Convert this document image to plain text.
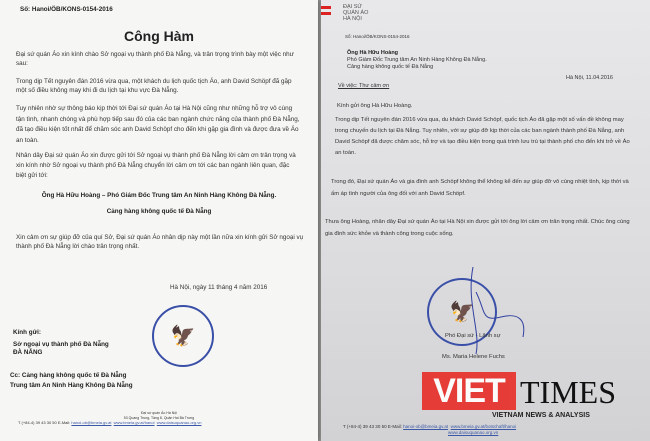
Số: Hanoi/ÖB/KONS-0154-2016
Công Hàm
Đại sứ quán Áo xin kính chào Sở ngoại vụ thành phố Đà Nẵng, và trân trọng trình bày một việc như sau:
Trong dịp Tết nguyên đán 2016 vừa qua, một khách du lịch quốc tịch Áo, anh David Schöpf đã gặp một số điều không may khi đi du lịch tại khu vực Đà Nẵng.
Tuy nhiên nhờ sự thông báo kịp thời tới Đại sứ quán Áo tại Hà Nội cũng như những hỗ trợ vô cùng tận tình, nhanh chóng và phù hợp tiếp sau đó của các ban ngành chức năng của thành phố Đà Nẵng, đã tạo điều kiện tốt nhất để chăm sóc anh David Schöpf cho đến khi gặp gia đình và được đưa về Áo an toàn.
Nhân dây Đại sứ quán Áo xin được gửi tới Sở ngoại vụ thành phố Đà Nẵng lời cảm ơn trân trọng và xin kính nhờ Sở ngoại vụ thành phố Đà Nẵng chuyển lời cảm ơn tới các ban ngành liên quan, đặc biệt gửi tới:
Ông Hà Hữu Hoàng – Phó Giám Đốc Trung tâm An Ninh Hàng Không Đà Nẵng.
Cảng hàng không quốc tế Đà Nẵng
Xin cảm ơn sự giúp đỡ của quí Sở, Đại sứ quán Áo nhân dịp này một lần nữa xin kính gửi Sở ngoại vụ thành phố Đà Nẵng lời chào trân trọng nhất.
Hà Nội, ngày 11 tháng 4 năm 2016
Kính gửi:
Sở ngoại vụ thành phố Đà Nẵng
ĐÀ NẴNG
Cc: Cảng hàng không quốc tế Đà Nẵng
Trung tâm An Ninh Hàng Không Đà Nẵng
🦅
Đại sứ quán Áo Hà Nội
53 Quang Trung, Tầng 8, Quận Hai Bà Trưng
T (+84-4) 39 43 30 50 E-Mail: hanoi-ob@bmeia.gv.at www.bmeia.gv.at/hanoi www.daisuquanao.org.vn
ĐẠI SỨ
QUÁN ÁO
HÀ NỘI
Số: Hanoi/ÖB/KONS-0154-2016
Ông Hà Hữu Hoàng
Phó Giám Đốc Trung tâm An Ninh Hàng Không Đà Nẵng.
Cảng hàng không quốc tế Đà Nẵng
Hà Nội, 11.04.2016
Về việc: Thư cảm ơn
Kính gửi ông Hà Hữu Hoàng.
Trong dịp Tết nguyên đán 2016 vừa qua, du khách David Schöpf, quốc tịch Áo đã gặp một số vấn đề không may trong chuyến du lịch tại Đà Nẵng. Tuy nhiên, với sự giúp đỡ kịp thời của các ban ngành thành phố Đà Nẵng, anh David Schöpf đã được chăm sóc, hỗ trợ và tạo điều kiện trong quá trình lưu trú tại thành phố cho đến khi trở về Áo an toàn.
Trong đó, Đại sứ quán Áo và gia đình anh Schöpf không thể không kể đến sự giúp đỡ vô cùng nhiệt tình, kịp thời và ấm áp tình người của ông đối với anh David Schöpf.
Thưa ông Hoàng, nhân dây Đại sứ quán Áo tại Hà Nội xin được gửi tới ông lời cảm ơn trân trọng nhất. Chúc ông cùng gia đình sức khỏe và thành công trong cuộc sống.
🦅
Phó Đại sứ - Lãnh sự
Ms. Maria Helene Fuchs
T (+84-4) 39 43 30 50 E-Mail: hanoi-ob@bmeia.gv.at www.bmeia.gv.at/botschaft/hanoi
www.daisuquanao.org.vn
VIET TIMES
VIETNAM NEWS & ANALYSIS
